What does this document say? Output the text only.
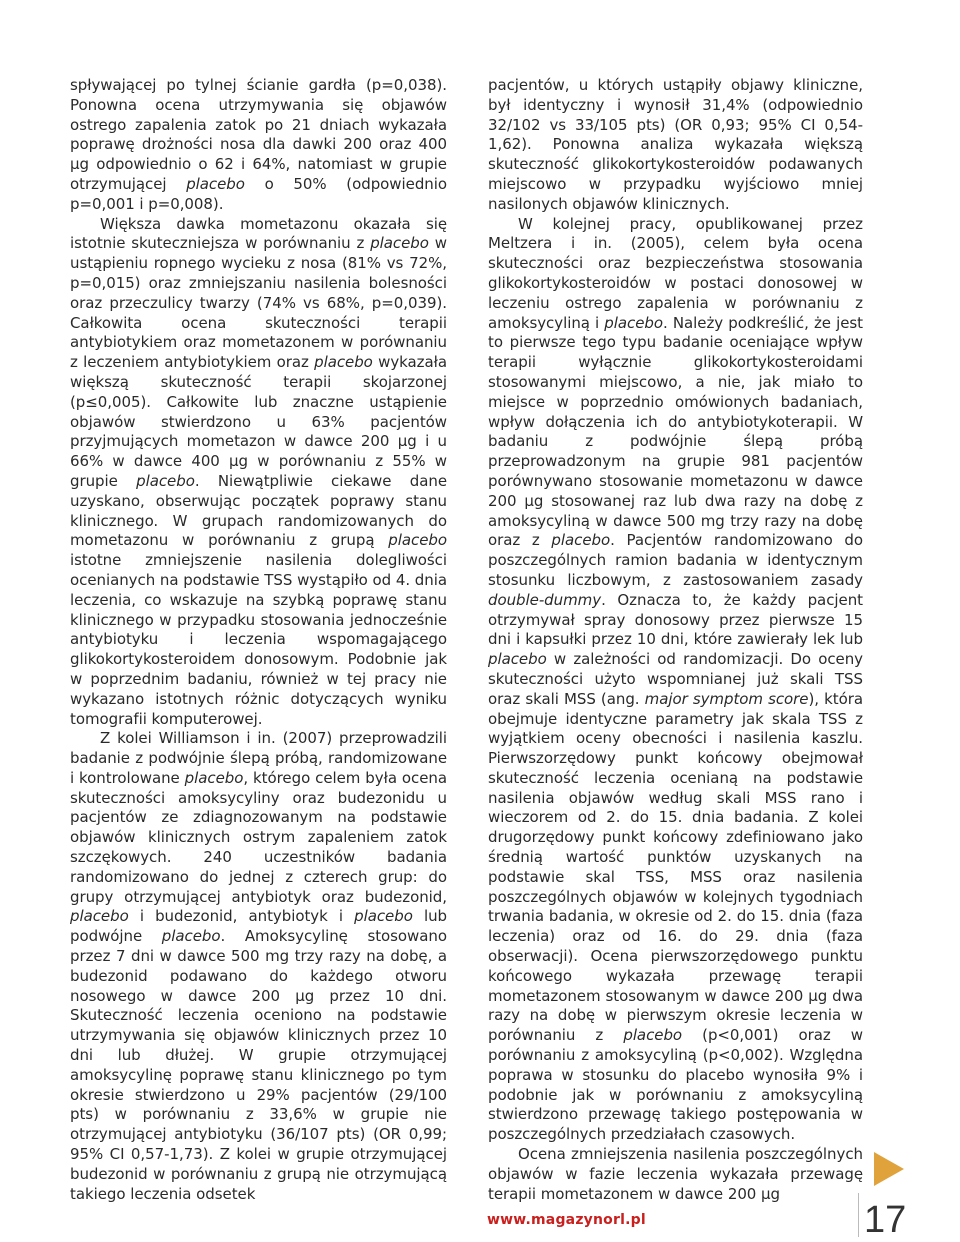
spływającej po tylnej ścianie gardła (p=0,038). Ponowna ocena utrzymywania się objawów ostrego zapalenia zatok po 21 dniach wykazała poprawę drożności nosa dla dawki 200 oraz 400 µg odpowiednio o 62 i 64%, natomiast w grupie otrzymującej placebo o 50% (odpowiednio p=0,001 i p=0,008).

Większa dawka mometazonu okazała się istotnie skuteczniejsza w porównaniu z placebo w ustąpieniu ropnego wycieku z nosa (81% vs 72%, p=0,015) oraz zmniejszaniu nasilenia bolesności oraz przeczulicy twarzy (74% vs 68%, p=0,039). Całkowita ocena skuteczności terapii antybiotykiem oraz mometazonem w porównaniu z leczeniem antybiotykiem oraz placebo wykazała większą skuteczność terapii skojarzonej (p≤0,005). Całkowite lub znaczne ustąpienie objawów stwierdzono u 63% pacjentów przyjmujących mometazon w dawce 200 µg i u 66% w dawce 400 µg w porównaniu z 55% w grupie placebo. Niewątpliwie ciekawe dane uzyskano, obserwując początek poprawy stanu klinicznego. W grupach randomizowanych do mometazonu w porównaniu z grupą placebo istotne zmniejszenie nasilenia dolegliwości ocenianych na podstawie TSS wystąpiło od 4. dnia leczenia, co wskazuje na szybką poprawę stanu klinicznego w przypadku stosowania jednocześnie antybiotyku i leczenia wspomagającego glikokortykosteroidem donosowym. Podobnie jak w poprzednim badaniu, również w tej pracy nie wykazano istotnych różnic dotyczących wyniku tomografii komputerowej.

Z kolei Williamson i in. (2007) przeprowadzili badanie z podwójnie ślepą próbą, randomizowane i kontrolowane placebo, którego celem była ocena skuteczności amoksycyliny oraz budezonidu u pacjentów ze zdiagnozowanym na podstawie objawów klinicznych ostrym zapaleniem zatok szczękowych. 240 uczestników badania randomizowano do jednej z czterech grup: do grupy otrzymującej antybiotyk oraz budezonid, placebo i budezonid, antybiotyk i placebo lub podwójne placebo. Amoksycylinę stosowano przez 7 dni w dawce 500 mg trzy razy na dobę, a budezonid podawano do każdego otworu nosowego w dawce 200 µg przez 10 dni. Skuteczność leczenia oceniono na podstawie utrzymywania się objawów klinicznych przez 10 dni lub dłużej. W grupie otrzymującej amoksycylinę poprawę stanu klinicznego po tym okresie stwierdzono u 29% pacjentów (29/100 pts) w porównaniu z 33,6% w grupie nie otrzymującej antybiotyku (36/107 pts) (OR 0,99; 95% CI 0,57-1,73). Z kolei w grupie otrzymującej budezonid w porównaniu z grupą nie otrzymującą takiego leczenia odsetek

pacjentów, u których ustąpiły objawy kliniczne, był identyczny i wynosił 31,4% (odpowiednio 32/102 vs 33/105 pts) (OR 0,93; 95% CI 0,54-1,62). Ponowna analiza wykazała większą skuteczność glikokortykosteroidów podawanych miejscowo w przypadku wyjściowo mniej nasilonych objawów klinicznych.

W kolejnej pracy, opublikowanej przez Meltzera i in. (2005), celem była ocena skuteczności oraz bezpieczeństwa stosowania glikokortykosteroidów w postaci donosowej w leczeniu ostrego zapalenia w porównaniu z amoksycyliną i placebo. Należy podkreślić, że jest to pierwsze tego typu badanie oceniające wpływ terapii wyłącznie glikokortykosteroidami stosowanymi miejscowo, a nie, jak miało to miejsce w poprzednio omówionych badaniach, wpływ dołączenia ich do antybiotykoterapii. W badaniu z podwójnie ślepą próbą przeprowadzonym na grupie 981 pacjentów porównywano stosowanie mometazonu w dawce 200 µg stosowanej raz lub dwa razy na dobę z amoksycyliną w dawce 500 mg trzy razy na dobę oraz z placebo. Pacjentów randomizowano do poszczególnych ramion badania w identycznym stosunku liczbowym, z zastosowaniem zasady double-dummy. Oznacza to, że każdy pacjent otrzymywał spray donosowy przez pierwsze 15 dni i kapsułki przez 10 dni, które zawierały lek lub placebo w zależności od randomizacji. Do oceny skuteczności użyto wspomnianej już skali TSS oraz skali MSS (ang. major symptom score), która obejmuje identyczne parametry jak skala TSS z wyjątkiem oceny obecności i nasilenia kaszlu. Pierwszorzędowy punkt końcowy obejmował skuteczność leczenia ocenianą na podstawie nasilenia objawów według skali MSS rano i wieczorem od 2. do 15. dnia badania. Z kolei drugorzędowy punkt końcowy zdefiniowano jako średnią wartość punktów uzyskanych na podstawie skal TSS, MSS oraz nasilenia poszczególnych objawów w kolejnych tygodniach trwania badania, w okresie od 2. do 15. dnia (faza leczenia) oraz od 16. do 29. dnia (faza obserwacji). Ocena pierwszorzędowego punktu końcowego wykazała przewagę terapii mometazonem stosowanym w dawce 200 µg dwa razy na dobę w pierwszym okresie leczenia w porównaniu z placebo (p<0,001) oraz w porównaniu z amoksycyliną (p<0,002). Względna poprawa w stosunku do placebo wynosiła 9% i podobnie jak w porównaniu z amoksycyliną stwierdzono przewagę takiego postępowania w poszczególnych przedziałach czasowych.

Ocena zmniejszenia nasilenia poszczególnych objawów w fazie leczenia wykazała przewagę terapii mometazonem w dawce 200 µg

www.magazynorl.pl	17
